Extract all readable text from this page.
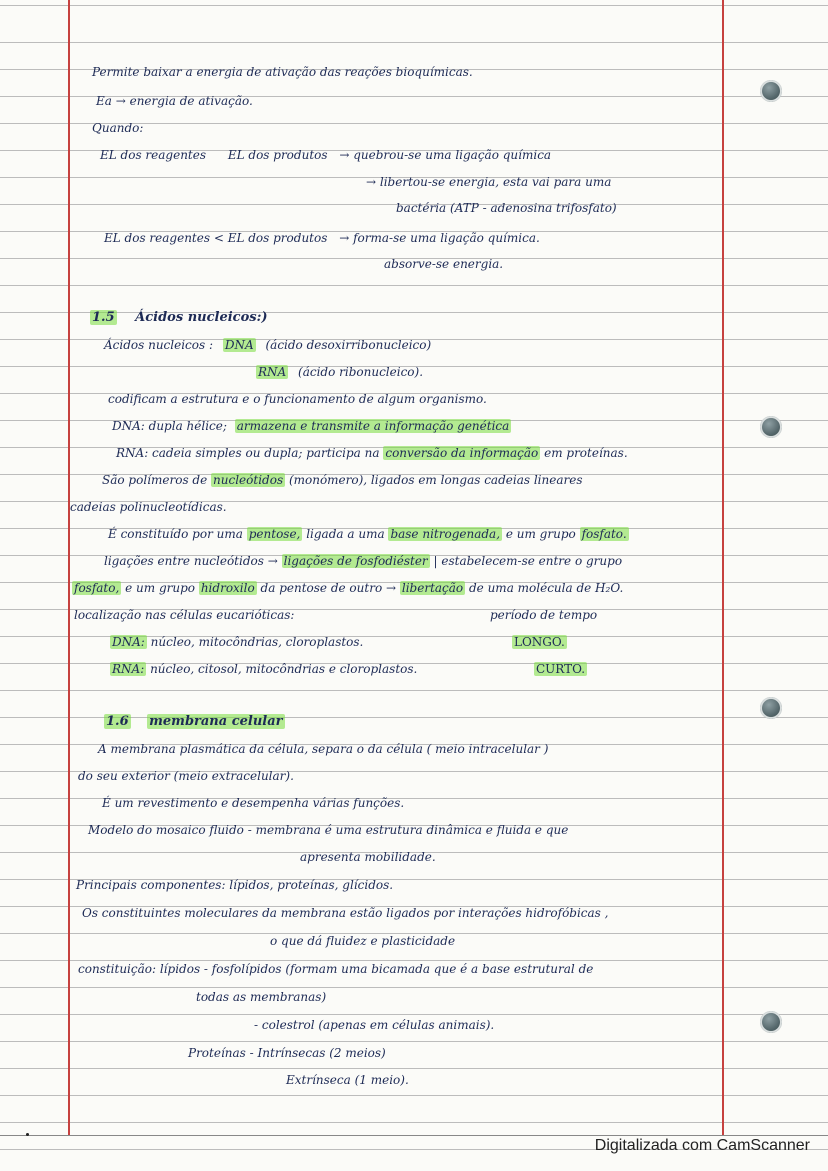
Permite baixar a energia de ativação das reações bioquímicas.
Ea → energia de ativação.
Quando:
EL dos reagentes EL dos produtos → quebrou-se uma ligação química
→ libertou-se energia, esta vai para uma
bactéria (ATP - adenosina trifosfato)
EL dos reagentes < EL dos produtos → forma-se uma ligação química.
absorve-se energia.
1.5 Ácidos nucleicos:)
Ácidos nucleicos : DNA (ácido desoxirribonucleico)
RNA (ácido ribonucleico).
codificam a estrutura e o funcionamento de algum organismo.
DNA: dupla hélice; armazena e transmite a informação genética
RNA: cadeia simples ou dupla; participa na conversão da informação em proteínas.
São polímeros de nucleótidos (monómero), ligados em longas cadeias lineares
cadeias polinucleotídicas.
É constituído por uma pentose, ligada a uma base nitrogenada, e um grupo fosfato.
ligações entre nucleótidos → ligações de fosfodiéster | estabelecem-se entre o grupo
fosfato, e um grupo hidroxilo da pentose de outro → libertação de uma molécula de H₂O.
localização nas células eucarióticas:	período de tempo
DNA: núcleo, mitocôndrias, cloroplastos.	LONGO.
RNA: núcleo, citosol, mitocôndrias e cloroplastos.	CURTO.
1.6 membrana celular
A membrana plasmática da célula, separa o da célula ( meio intracelular )
do seu exterior (meio extracelular).
É um revestimento e desempenha várias funções.
Modelo do mosaico fluido - membrana é uma estrutura dinâmica e fluida e que
apresenta mobilidade.
Principais componentes: lípidos, proteínas, glícidos.
Os constituintes moleculares da membrana estão ligados por interações hidrofóbicas ,
o que dá fluidez e plasticidade
constituição: lípidos - fosfolípidos (formam uma bicamada que é a base estrutural de
todas as membranas)
- colestrol (apenas em células animais).
Proteínas - Intrínsecas (2 meios)
Extrínseca (1 meio).
Digitalizada com CamScanner
